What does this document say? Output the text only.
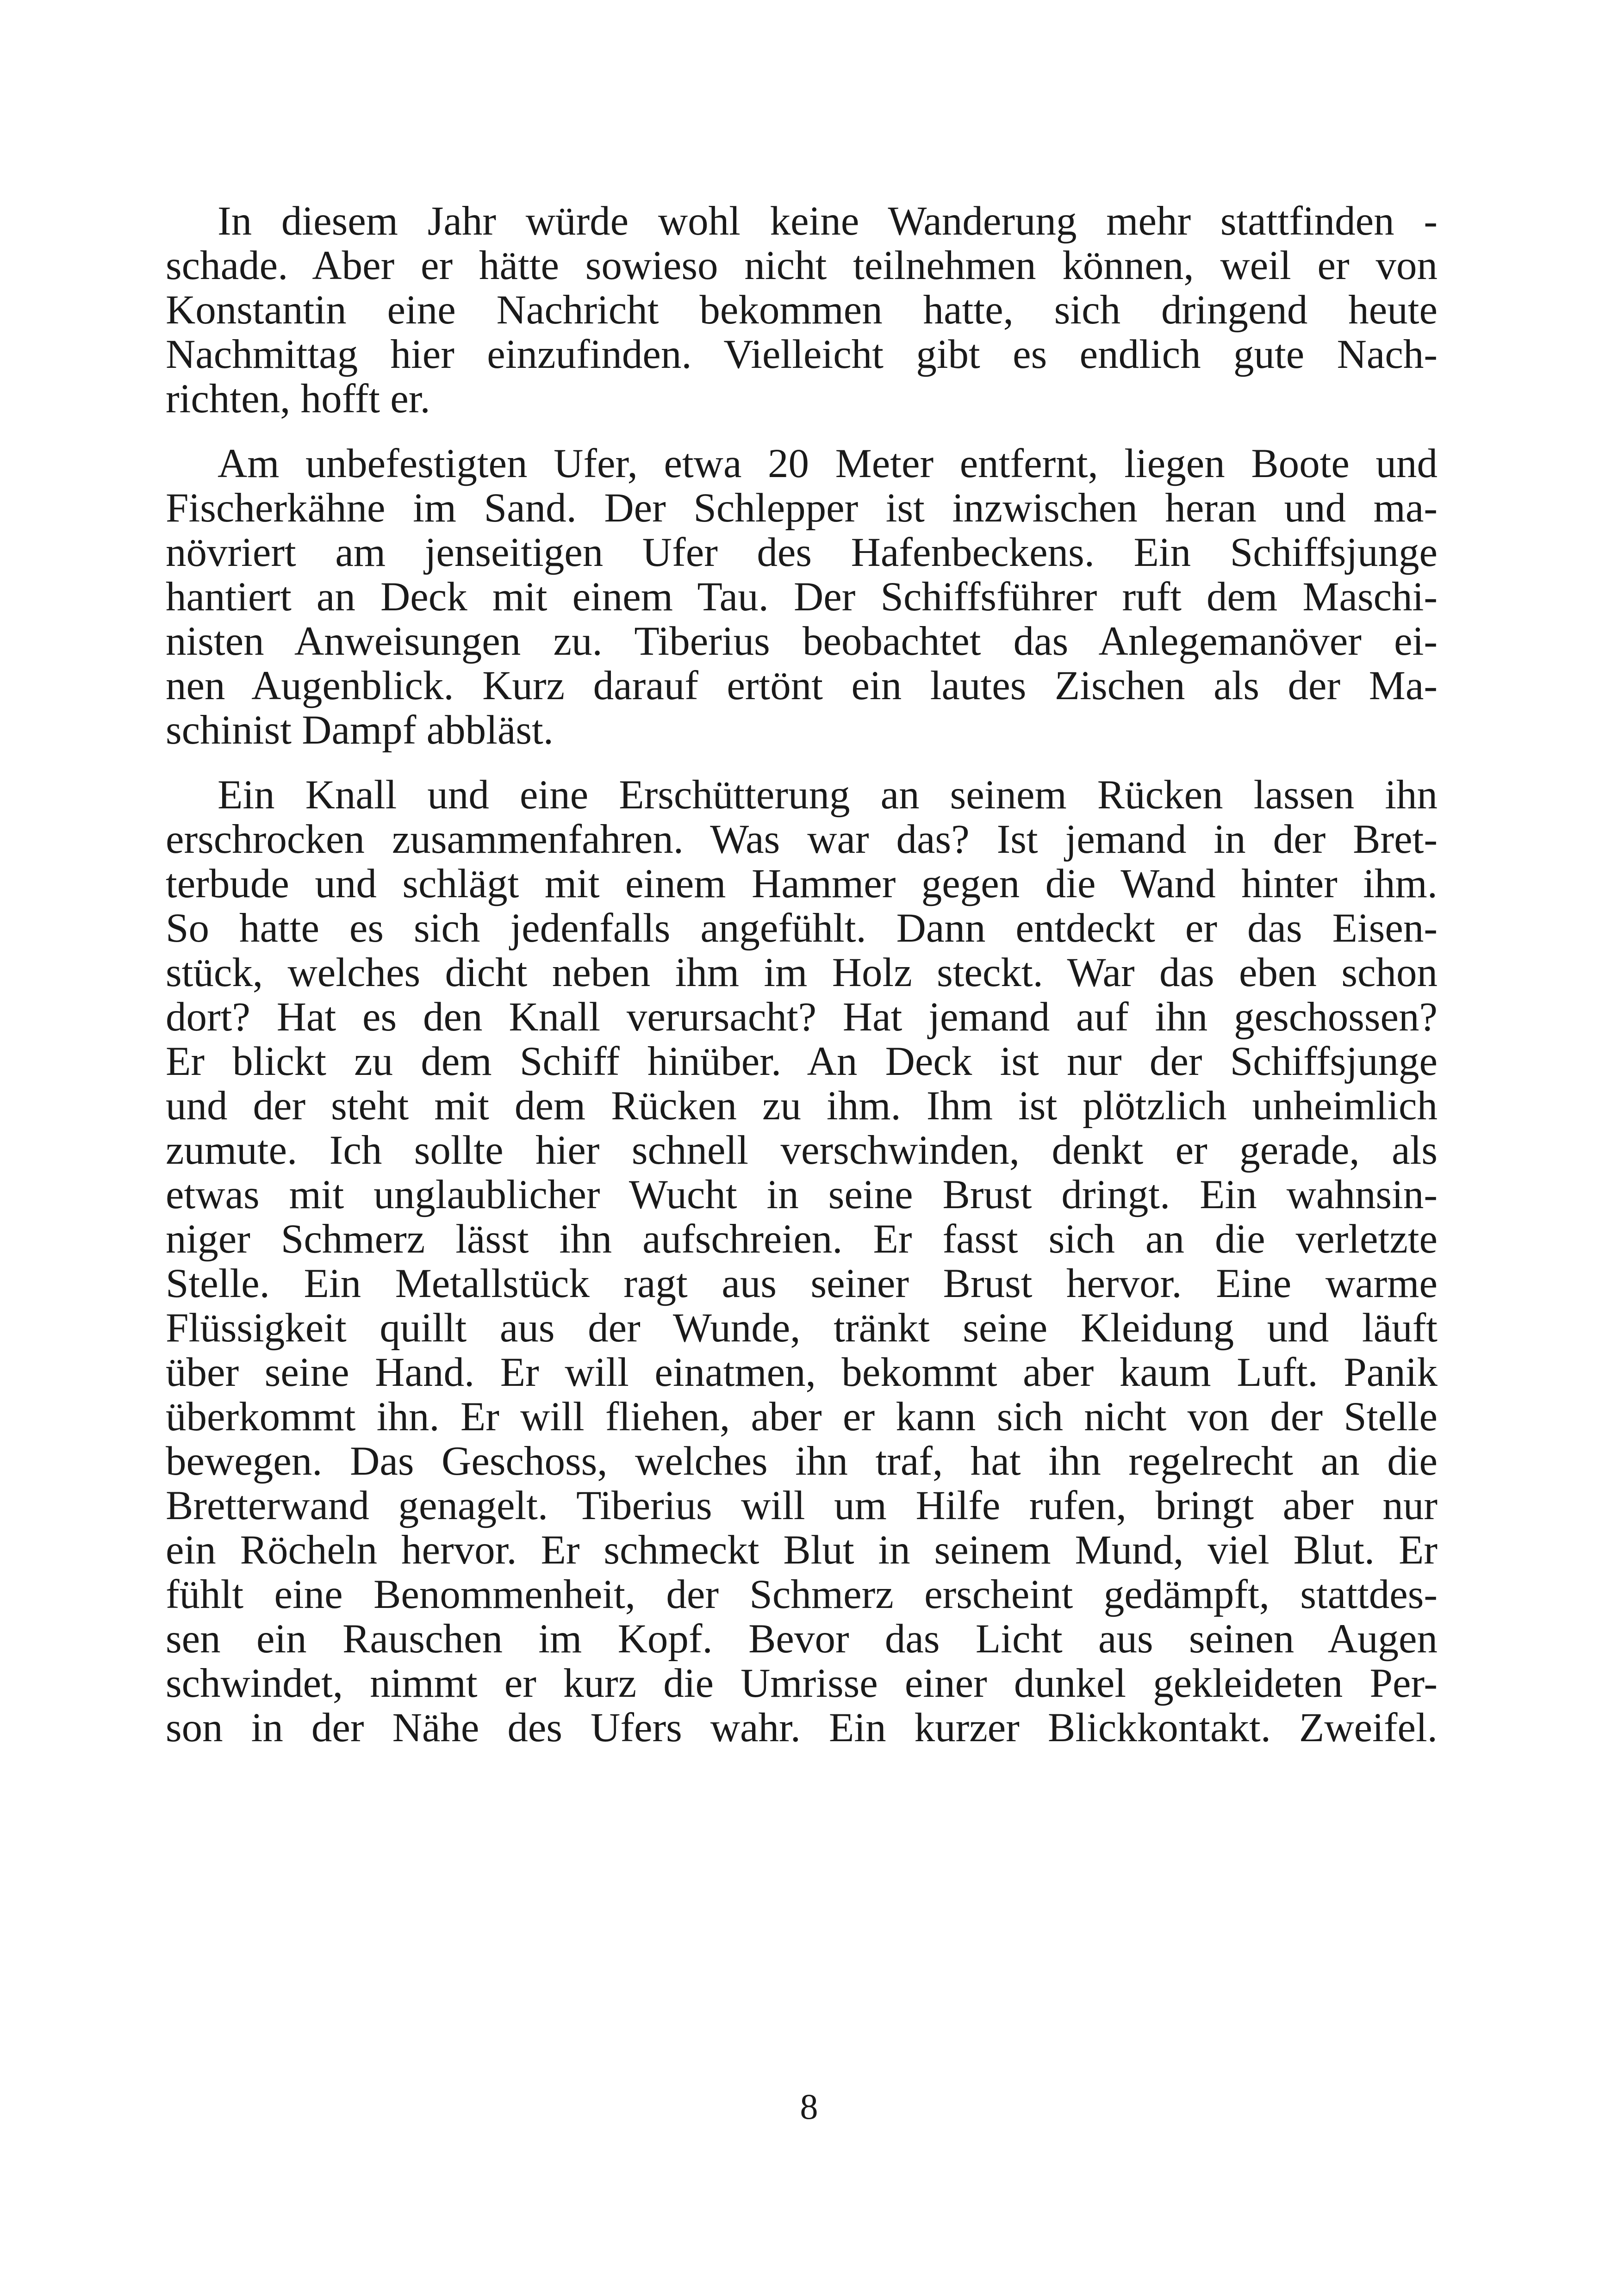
In diesem Jahr würde wohl keine Wanderung mehr stattfinden -
schade. Aber er hätte sowieso nicht teilnehmen können, weil er von
Konstantin eine Nachricht bekommen hatte, sich dringend heute
Nachmittag hier einzufinden. Vielleicht gibt es endlich gute Nach-
richten, hofft er.
Am unbefestigten Ufer, etwa 20 Meter entfernt, liegen Boote und
Fischerkähne im Sand. Der Schlepper ist inzwischen heran und ma-
növriert am jenseitigen Ufer des Hafenbeckens. Ein Schiffsjunge
hantiert an Deck mit einem Tau. Der Schiffsführer ruft dem Maschi-
nisten Anweisungen zu. Tiberius beobachtet das Anlegemanöver ei-
nen Augenblick. Kurz darauf ertönt ein lautes Zischen als der Ma-
schinist Dampf abbläst.
Ein Knall und eine Erschütterung an seinem Rücken lassen ihn
erschrocken zusammenfahren. Was war das? Ist jemand in der Bret-
terbude und schlägt mit einem Hammer gegen die Wand hinter ihm.
So hatte es sich jedenfalls angefühlt. Dann entdeckt er das Eisen-
stück, welches dicht neben ihm im Holz steckt. War das eben schon
dort? Hat es den Knall verursacht? Hat jemand auf ihn geschossen?
Er blickt zu dem Schiff hinüber. An Deck ist nur der Schiffsjunge
und der steht mit dem Rücken zu ihm. Ihm ist plötzlich unheimlich
zumute. Ich sollte hier schnell verschwinden, denkt er gerade, als
etwas mit unglaublicher Wucht in seine Brust dringt. Ein wahnsin-
niger Schmerz lässt ihn aufschreien. Er fasst sich an die verletzte
Stelle. Ein Metallstück ragt aus seiner Brust hervor. Eine warme
Flüssigkeit quillt aus der Wunde, tränkt seine Kleidung und läuft
über seine Hand. Er will einatmen, bekommt aber kaum Luft. Panik
überkommt ihn. Er will fliehen, aber er kann sich nicht von der Stelle
bewegen. Das Geschoss, welches ihn traf, hat ihn regelrecht an die
Bretterwand genagelt. Tiberius will um Hilfe rufen, bringt aber nur
ein Röcheln hervor. Er schmeckt Blut in seinem Mund, viel Blut. Er
fühlt eine Benommenheit, der Schmerz erscheint gedämpft, stattdes-
sen ein Rauschen im Kopf. Bevor das Licht aus seinen Augen
schwindet, nimmt er kurz die Umrisse einer dunkel gekleideten Per-
son in der Nähe des Ufers wahr. Ein kurzer Blickkontakt. Zweifel.
8
